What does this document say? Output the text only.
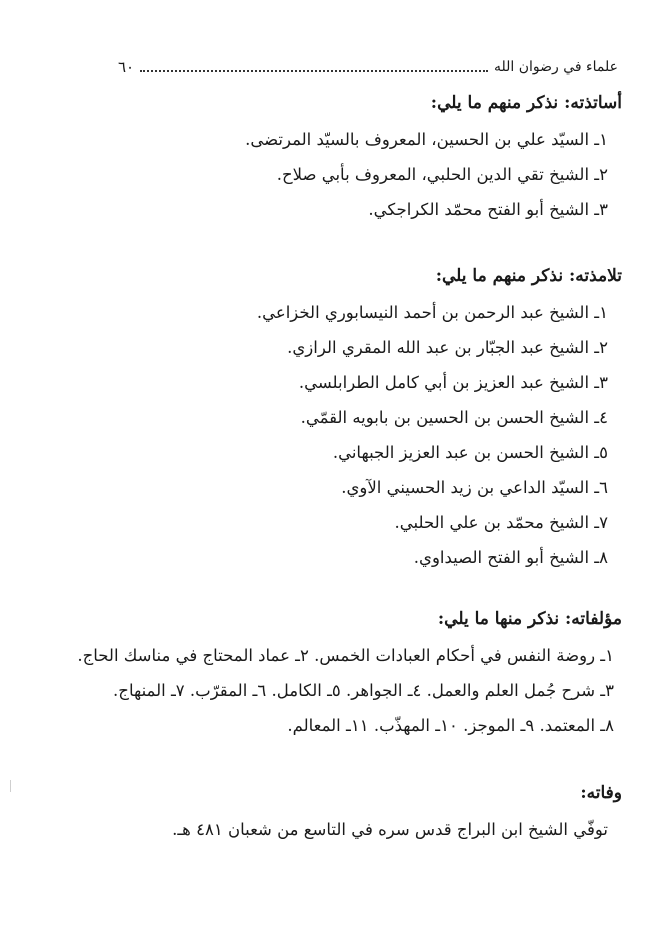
علماء في رضوان الله
٦٠
أساتذته: نذكر منهم ما يلي:
١ـ السيّد علي بن الحسين، المعروف بالسيّد المرتضى.
٢ـ الشيخ تقي الدين الحلبي، المعروف بأبي صلاح.
٣ـ الشيخ أبو الفتح محمّد الكراجكي.
تلامذته: نذكر منهم ما يلي:
١ـ الشيخ عبد الرحمن بن أحمد النيسابوري الخزاعي.
٢ـ الشيخ عبد الجبّار بن عبد الله المقري الرازي.
٣ـ الشيخ عبد العزيز بن أبي كامل الطرابلسي.
٤ـ الشيخ الحسن بن الحسين بن بابويه القمّي.
٥ـ الشيخ الحسن بن عبد العزيز الجبهاني.
٦ـ السيّد الداعي بن زيد الحسيني الآوي.
٧ـ الشيخ محمّد بن علي الحلبي.
٨ـ الشيخ أبو الفتح الصيداوي.
مؤلفاته: نذكر منها ما يلي:
١ـ روضة النفس في أحكام العبادات الخمس. ٢ـ عماد المحتاج في مناسك الحاج.
٣ـ شرح جُمل العلم والعمل. ٤ـ الجواهر. ٥ـ الكامل. ٦ـ المقرّب. ٧ـ المنهاج.
٨ـ المعتمد. ٩ـ الموجز. ١٠ـ المهذّب. ١١ـ المعالم.
وفاته:
توفّي الشيخ ابن البراج قدس سره في التاسع من شعبان ٤٨١ هـ.
